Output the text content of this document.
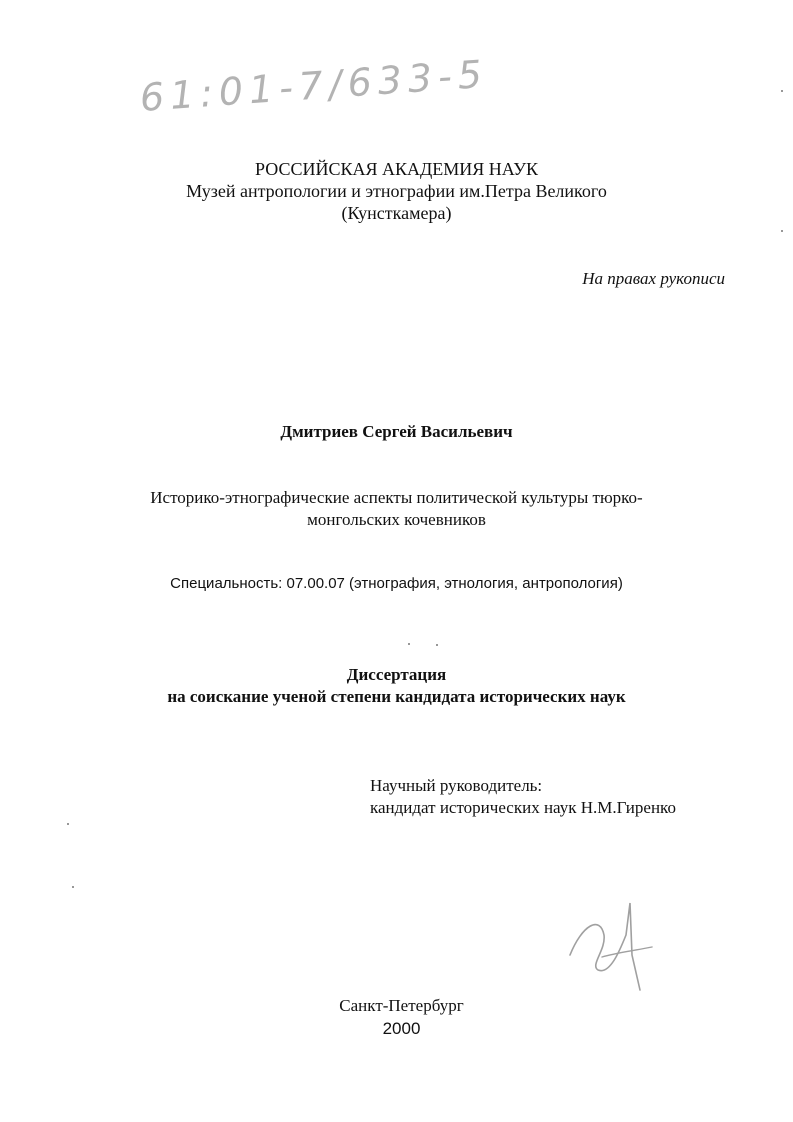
61:01-7/633-5
РОССИЙСКАЯ АКАДЕМИЯ НАУК
Музей антропологии и этнографии им.Петра Великого
(Кунсткамера)
На правах рукописи
Дмитриев Сергей Васильевич
Историко-этнографические аспекты политической культуры тюрко-
монгольских кочевников
Специальность: 07.00.07 (этнография, этнология, антропология)
Диссертация
на соискание ученой степени кандидата исторических наук
Научный руководитель:
кандидат исторических наук Н.М.Гиренко
Санкт-Петербург
2000
